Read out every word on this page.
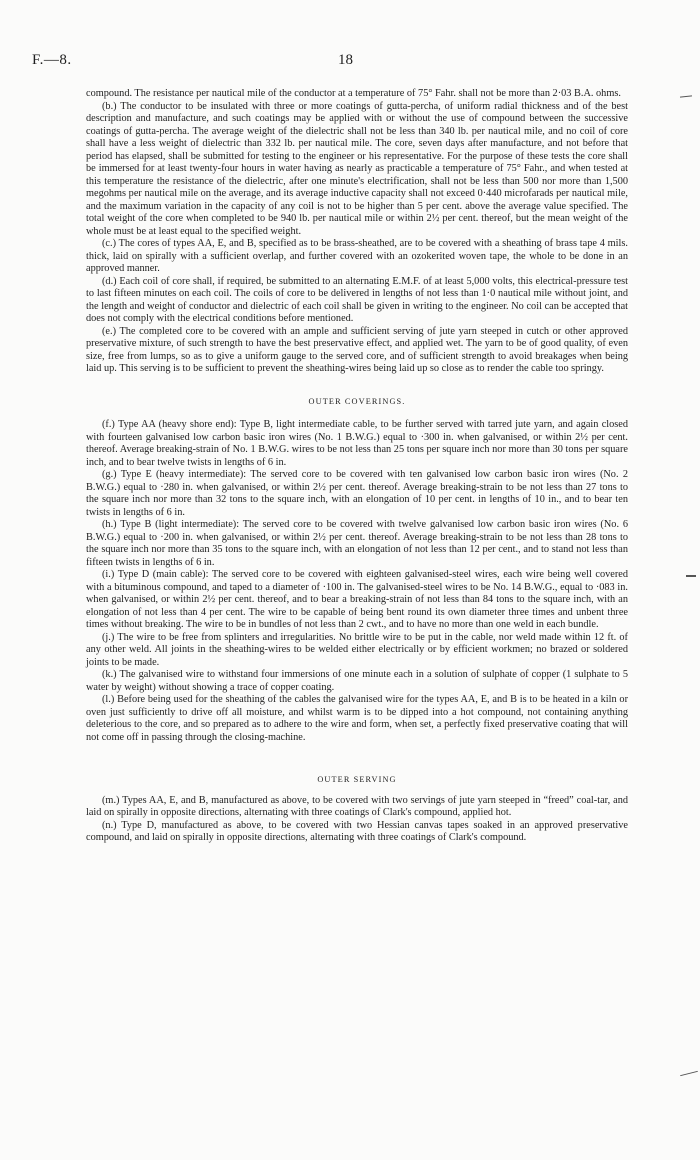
F.—8.	18

compound. The resistance per nautical mile of the conductor at a temperature of 75° Fahr. shall not be more than 2·03 B.A. ohms.

(b.) The conductor to be insulated with three or more coatings of gutta-percha, of uniform radial thickness and of the best description and manufacture, and such coatings may be applied with or without the use of compound between the successive coatings of gutta-percha. The average weight of the dielectric shall not be less than 340 lb. per nautical mile, and no coil of core shall have a less weight of dielectric than 332 lb. per nautical mile. The core, seven days after manufacture, and not before that period has elapsed, shall be submitted for testing to the engineer or his representative. For the purpose of these tests the core shall be immersed for at least twenty-four hours in water having as nearly as practicable a temperature of 75° Fahr., and when tested at this temperature the resistance of the dielectric, after one minute's electrification, shall not be less than 500 nor more than 1,500 megohms per nautical mile on the average, and its average inductive capacity shall not exceed 0·440 microfarads per nautical mile, and the maximum variation in the capacity of any coil is not to be higher than 5 per cent. above the average value specified. The total weight of the core when completed to be 940 lb. per nautical mile or within 2½ per cent. thereof, but the mean weight of the whole must be at least equal to the specified weight.

(c.) The cores of types AA, E, and B, specified as to be brass-sheathed, are to be covered with a sheathing of brass tape 4 mils. thick, laid on spirally with a sufficient overlap, and further covered with an ozokerited woven tape, the whole to be done in an approved manner.

(d.) Each coil of core shall, if required, be submitted to an alternating E.M.F. of at least 5,000 volts, this electrical-pressure test to last fifteen minutes on each coil. The coils of core to be delivered in lengths of not less than 1·0 nautical mile without joint, and the length and weight of conductor and dielectric of each coil shall be given in writing to the engineer. No coil can be accepted that does not comply with the electrical conditions before mentioned.

(e.) The completed core to be covered with an ample and sufficient serving of jute yarn steeped in cutch or other approved preservative mixture, of such strength to have the best preservative effect, and applied wet. The yarn to be of good quality, of even size, free from lumps, so as to give a uniform gauge to the served core, and of sufficient strength to avoid breakages when being laid up. This serving is to be sufficient to prevent the sheathing-wires being laid up so close as to render the cable too springy.

OUTER COVERINGS.

(f.) Type AA (heavy shore end): Type B, light intermediate cable, to be further served with tarred jute yarn, and again closed with fourteen galvanised low carbon basic iron wires (No. 1 B.W.G.) equal to ·300 in. when galvanised, or within 2½ per cent. thereof. Average breaking-strain of No. 1 B.W.G. wires to be not less than 25 tons per square inch nor more than 30 tons per square inch, and to bear twelve twists in lengths of 6 in.

(g.) Type E (heavy intermediate): The served core to be covered with ten galvanised low carbon basic iron wires (No. 2 B.W.G.) equal to ·280 in. when galvanised, or within 2½ per cent. thereof. Average breaking-strain to be not less than 27 tons to the square inch nor more than 32 tons to the square inch, with an elongation of 10 per cent. in lengths of 10 in., and to bear ten twists in lengths of 6 in.

(h.) Type B (light intermediate): The served core to be covered with twelve galvanised low carbon basic iron wires (No. 6 B.W.G.) equal to ·200 in. when galvanised, or within 2½ per cent. thereof. Average breaking-strain to be not less than 28 tons to the square inch nor more than 35 tons to the square inch, with an elongation of not less than 12 per cent., and to stand not less than fifteen twists in lengths of 6 in.

(i.) Type D (main cable): The served core to be covered with eighteen galvanised-steel wires, each wire being well covered with a bituminous compound, and taped to a diameter of ·100 in. The galvanised-steel wires to be No. 14 B.W.G., equal to ·083 in. when galvanised, or within 2½ per cent. thereof, and to bear a breaking-strain of not less than 84 tons to the square inch, with an elongation of not less than 4 per cent. The wire to be capable of being bent round its own diameter three times and unbent three times without breaking. The wire to be in bundles of not less than 2 cwt., and to have no more than one weld in each bundle.

(j.) The wire to be free from splinters and irregularities. No brittle wire to be put in the cable, nor weld made within 12 ft. of any other weld. All joints in the sheathing-wires to be welded either electrically or by efficient workmen; no brazed or soldered joints to be made.

(k.) The galvanised wire to withstand four immersions of one minute each in a solution of sulphate of copper (1 sulphate to 5 water by weight) without showing a trace of copper coating.

(l.) Before being used for the sheathing of the cables the galvanised wire for the types AA, E, and B is to be heated in a kiln or oven just sufficiently to drive off all moisture, and whilst warm is to be dipped into a hot compound, not containing anything deleterious to the core, and so prepared as to adhere to the wire and form, when set, a perfectly fixed preservative coating that will not come off in passing through the closing-machine.

OUTER SERVING

(m.) Types AA, E, and B, manufactured as above, to be covered with two servings of jute yarn steeped in “freed” coal-tar, and laid on spirally in opposite directions, alternating with three coatings of Clark's compound, applied hot.

(n.) Type D, manufactured as above, to be covered with two Hessian canvas tapes soaked in an approved preservative compound, and laid on spirally in opposite directions, alternating with three coatings of Clark's compound.
